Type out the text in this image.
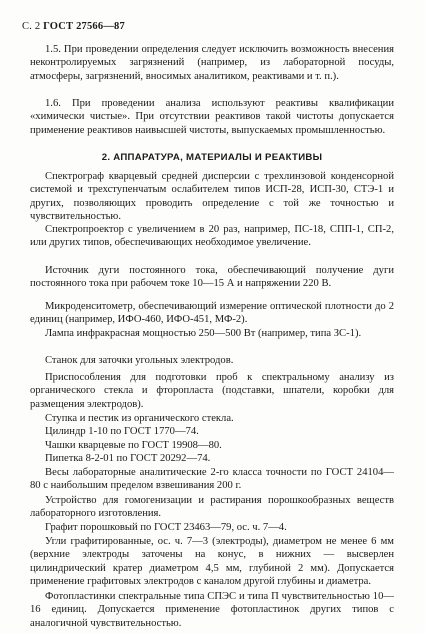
С. 2 ГОСТ 27566—87

1.5. При проведении определения следует исключить возможность внесения неконтролируемых загрязнений (например, из лабораторной посуды, атмосферы, загрязнений, вносимых аналитиком, реактивами и т. п.).

1.6. При проведении анализа используют реактивы квалификации «химически чистые». При отсутствии реактивов такой чистоты допускается применение реактивов наивысшей чистоты, выпускаемых промышленностью.

2. АППАРАТУРА, МАТЕРИАЛЫ И РЕАКТИВЫ

Спектрограф кварцевый средней дисперсии с трехлинзовой конденсорной системой и трехступенчатым ослабителем типов ИСП-28, ИСП-30, СТЭ-1 и других, позволяющих проводить определение с той же точностью и чувствительностью.

Спектропроектор с увеличением в 20 раз, например, ПС-18, СПП-1, СП-2, или других типов, обеспечивающих необходимое увеличение.

Источник дуги постоянного тока, обеспечивающий получение дуги постоянного тока при рабочем токе 10—15 А и напряжении 220 В.

Микроденситометр, обеспечивающий измерение оптической плотности до 2 единиц (например, ИФО-460, ИФО-451, МФ-2).

Лампа инфракрасная мощностью 250—500 Вт (например, типа ЗС-1).

Станок для заточки угольных электродов.

Приспособления для подготовки проб к спектральному анализу из органического стекла и фторопласта (подставки, шпатели, коробки для размещения электродов).

Ступка и пестик из органического стекла.

Цилиндр 1-10 по ГОСТ 1770—74.

Чашки кварцевые по ГОСТ 19908—80.

Пипетка 8-2-01 по ГОСТ 20292—74.

Весы лабораторные аналитические 2-го класса точности по ГОСТ 24104—80 с наибольшим пределом взвешивания 200 г.

Устройство для гомогенизации и растирания порошкообразных веществ лабораторного изготовления.

Графит порошковый по ГОСТ 23463—79, ос. ч. 7—4.

Угли графитированные, ос. ч. 7—3 (электроды), диаметром не менее 6 мм (верхние электроды заточены на конус, в нижних — высверлен цилиндрический кратер диаметром 4,5 мм, глубиной 2 мм). Допускается применение графитовых электродов с каналом другой глубины и диаметра.

Фотопластинки спектральные типа СПЭС и типа П чувствительностью 10—16 единиц. Допускается применение фотопластинок других типов с аналогичной чувствительностью.
